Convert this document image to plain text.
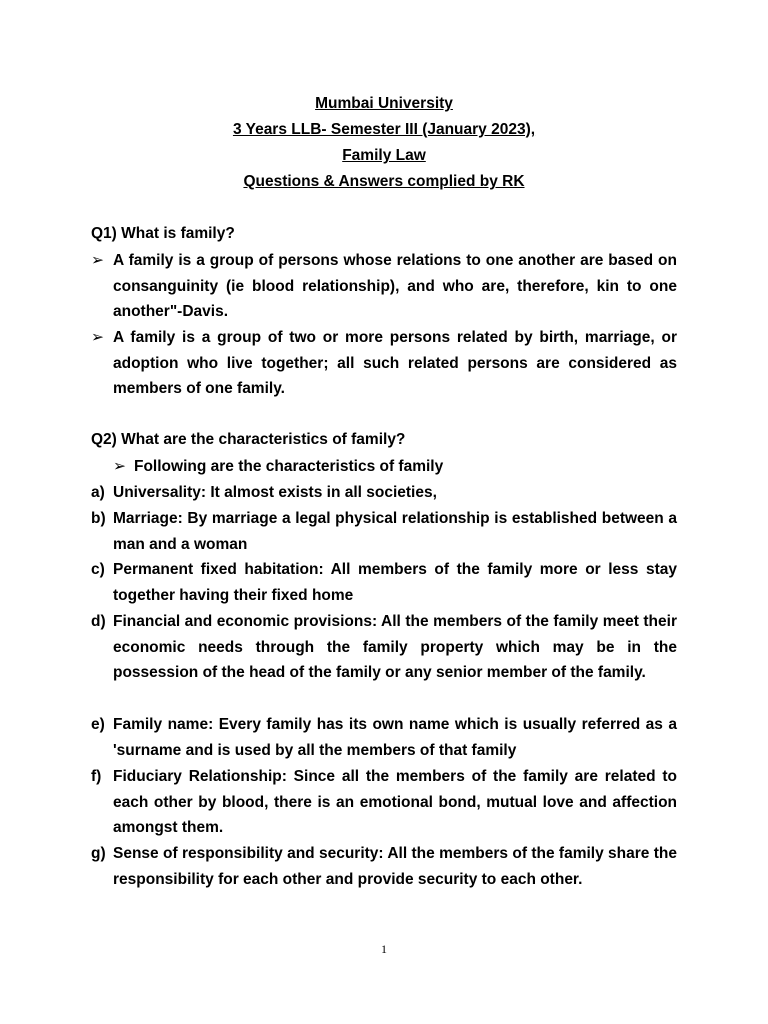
Mumbai University
3 Years LLB- Semester III (January 2023),
Family Law
Questions & Answers complied by RK
Q1) What is family?
➢ A family is a group of persons whose relations to one another are based on consanguinity (ie blood relationship), and who are, therefore, kin to one another"-Davis.
➢ A family is a group of two or more persons related by birth, marriage, or adoption who live together; all such related persons are considered as members of one family.
Q2) What are the characteristics of family?
➢ Following are the characteristics of family
a) Universality: It almost exists in all societies,
b) Marriage: By marriage a legal physical relationship is established between a man and a woman
c) Permanent fixed habitation: All members of the family more or less stay together having their fixed home
d) Financial and economic provisions: All the members of the family meet their economic needs through the family property which may be in the possession of the head of the family or any senior member of the family.
e) Family name: Every family has its own name which is usually referred as a 'surname and is used by all the members of that family
f) Fiduciary Relationship: Since all the members of the family are related to each other by blood, there is an emotional bond, mutual love and affection amongst them.
g) Sense of responsibility and security: All the members of the family share the responsibility for each other and provide security to each other.
1
